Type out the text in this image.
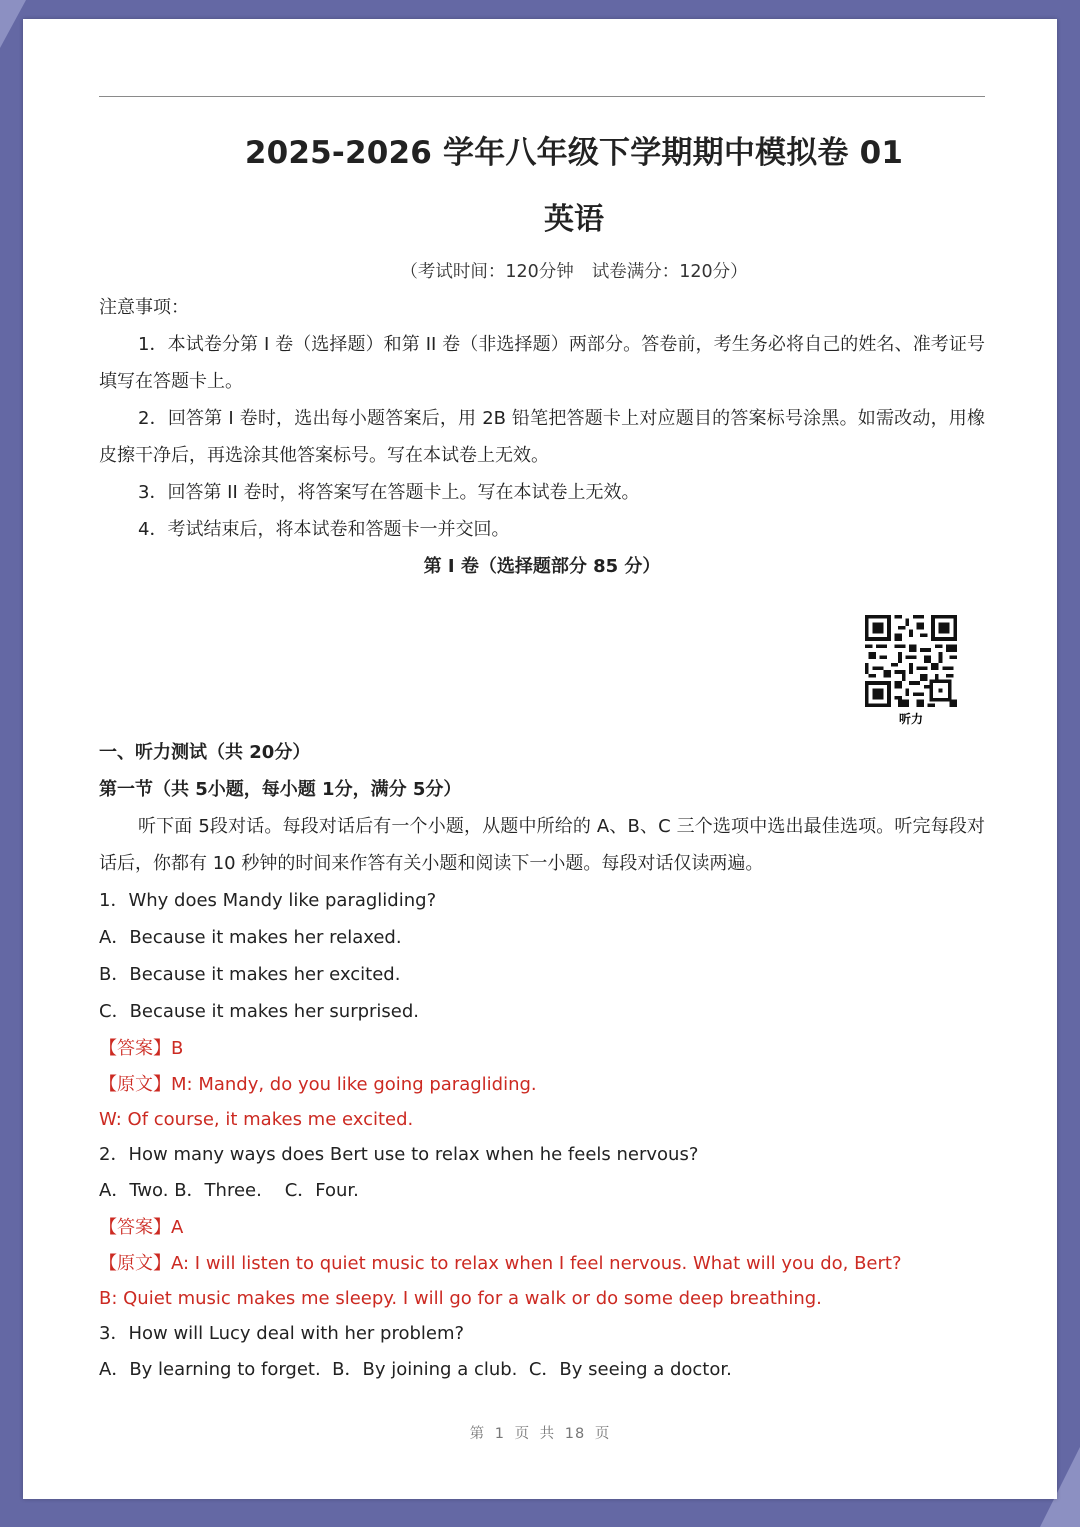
2025-2026 学年八年级下学期期中模拟卷 01
英语
（考试时间：120分钟 试卷满分：120分）
注意事项：
1．本试卷分第 I 卷（选择题）和第 II 卷（非选择题）两部分。答卷前，考生务必将自己的姓名、准考证号填写在答题卡上。
2．回答第 I 卷时，选出每小题答案后，用 2B 铅笔把答题卡上对应题目的答案标号涂黑。如需改动，用橡皮擦干净后，再选涂其他答案标号。写在本试卷上无效。
3．回答第 II 卷时，将答案写在答题卡上。写在本试卷上无效。
4．考试结束后，将本试卷和答题卡一并交回。
第 I 卷（选择题部分 85 分）
听力
一、听力测试（共 20分）
第一节（共 5小题，每小题 1分，满分 5分）
听下面 5段对话。每段对话后有一个小题，从题中所给的 A、B、C 三个选项中选出最佳选项。听完每段对话后，你都有 10 秒钟的时间来作答有关小题和阅读下一小题。每段对话仅读两遍。
1．Why does Mandy like paragliding?
A．Because it makes her relaxed.
B．Because it makes her excited.
C．Because it makes her surprised.
【答案】B
【原文】M: Mandy, do you like going paragliding.
W: Of course, it makes me excited.
2．How many ways does Bert use to relax when he feels nervous?
A．Two. B．Three.    C．Four.
【答案】A
【原文】A: I will listen to quiet music to relax when I feel nervous. What will you do, Bert?
B: Quiet music makes me sleepy. I will go for a walk or do some deep breathing.
3．How will Lucy deal with her problem?
A．By learning to forget.  B．By joining a club.  C．By seeing a doctor.
第 1 页 共 18 页
